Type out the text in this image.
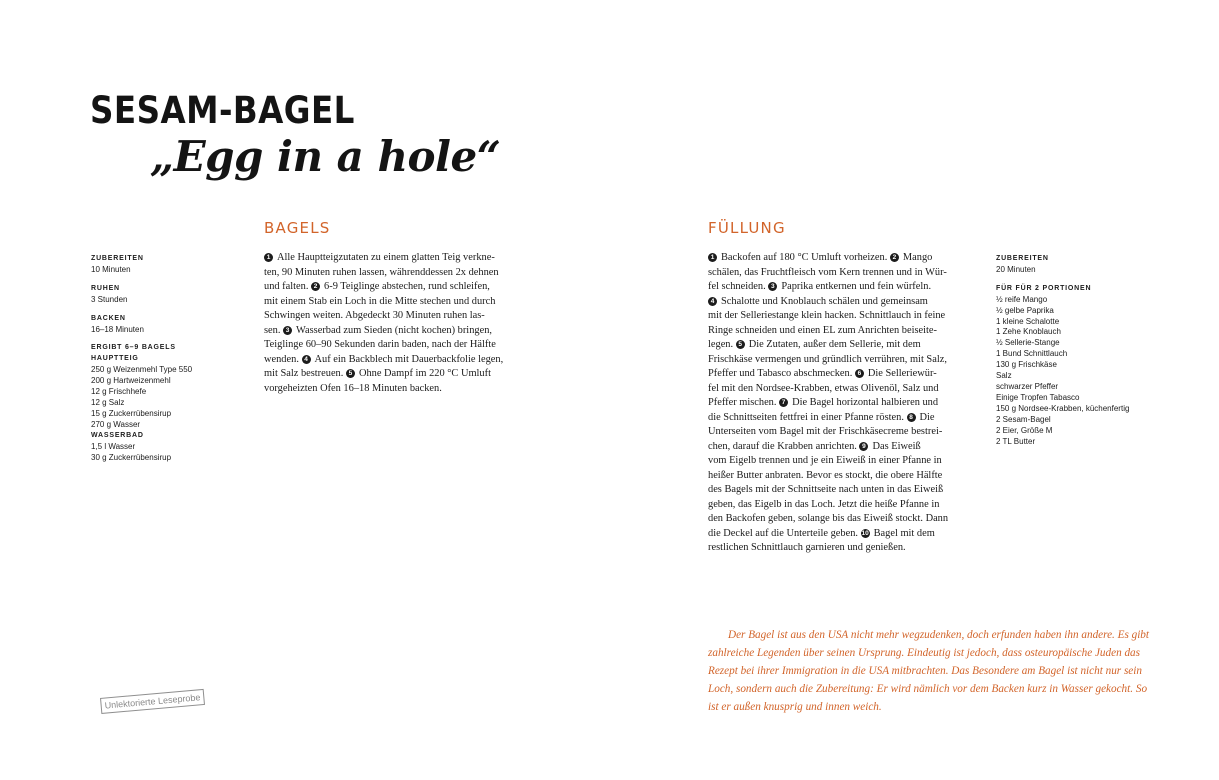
SESAM-BAGEL
„Egg in a hole“
ZUBEREITEN
10 Minuten
RUHEN
3 Stunden
BACKEN
16–18 Minuten
ERGIBT 6–9 BAGELS
HAUPTTEIG
250 g Weizenmehl Type 550
200 g Hartweizenmehl
12 g Frischhefe
12 g Salz
15 g Zuckerrübensirup
270 g Wasser
WASSERBAD
1,5 l Wasser
30 g Zuckerrübensirup
BAGELS

1 Alle Hauptteigzutaten zu einem glatten Teig verkne-

ten, 90 Minuten ruhen lassen, währenddessen 2x dehnen

und falten. 2 6-9 Teiglinge abstechen, rund schleifen,

mit einem Stab ein Loch in die Mitte stechen und durch

Schwingen weiten. Abgedeckt 30 Minuten ruhen las-

sen. 3 Wasserbad zum Sieden (nicht kochen) bringen,

Teiglinge 60–90 Sekunden darin baden, nach der Hälfte

wenden. 4 Auf ein Backblech mit Dauerbackfolie legen,

mit Salz bestreuen. 5 Ohne Dampf im 220 °C Umluft

vorgeheizten Ofen 16–18 Minuten backen.

FÜLLUNG

1 Backofen auf 180 °C Umluft vorheizen. 2 Mango

schälen, das Fruchtfleisch vom Kern trennen und in Wür-

fel schneiden. 3 Paprika entkernen und fein würfeln.

4 Schalotte und Knoblauch schälen und gemeinsam

mit der Selleriestange klein hacken. Schnittlauch in feine

Ringe schneiden und einen EL zum Anrichten beiseite-

legen. 5 Die Zutaten, außer dem Sellerie, mit dem

Frischkäse vermengen und gründlich verrühren, mit Salz,

Pfeffer und Tabasco abschmecken. 6 Die Selleriewür-

fel mit den Nordsee-Krabben, etwas Olivenöl, Salz und

Pfeffer mischen. 7 Die Bagel horizontal halbieren und

die Schnittseiten fettfrei in einer Pfanne rösten. 8 Die

Unterseiten vom Bagel mit der Frischkäsecreme bestrei-

chen, darauf die Krabben anrichten. 9 Das Eiweiß

vom Eigelb trennen und je ein Eiweiß in einer Pfanne in

heißer Butter anbraten. Bevor es stockt, die obere Hälfte

des Bagels mit der Schnittseite nach unten in das Eiweiß

geben, das Eigelb in das Loch. Jetzt die heiße Pfanne in

den Backofen geben, solange bis das Eiweiß stockt. Dann

die Deckel auf die Unterteile geben. 10 Bagel mit dem

restlichen Schnittlauch garnieren und genießen.

ZUBEREITEN
20 Minuten
FÜR FÜR 2 PORTIONEN
½ reife Mango
½ gelbe Paprika
1 kleine Schalotte
1 Zehe Knoblauch
½ Sellerie-Stange
1 Bund Schnittlauch
130 g Frischkäse
Salz
schwarzer Pfeffer
Einige Tropfen Tabasco
150 g Nordsee-Krabben, küchenfertig
2 Sesam-Bagel
2 Eier, Größe M
2 TL Butter

Der Bagel ist aus den USA nicht mehr wegzudenken, doch erfunden haben ihn andere. Es gibt

zahlreiche Legenden über seinen Ursprung. Eindeutig ist jedoch, dass osteuropäische Juden das

Rezept bei ihrer Immigration in die USA mitbrachten. Das Besondere am Bagel ist nicht nur sein

Loch, sondern auch die Zubereitung: Er wird nämlich vor dem Backen kurz in Wasser gekocht. So

ist er außen knusprig und innen weich.

Unlektorierte Leseprobe
